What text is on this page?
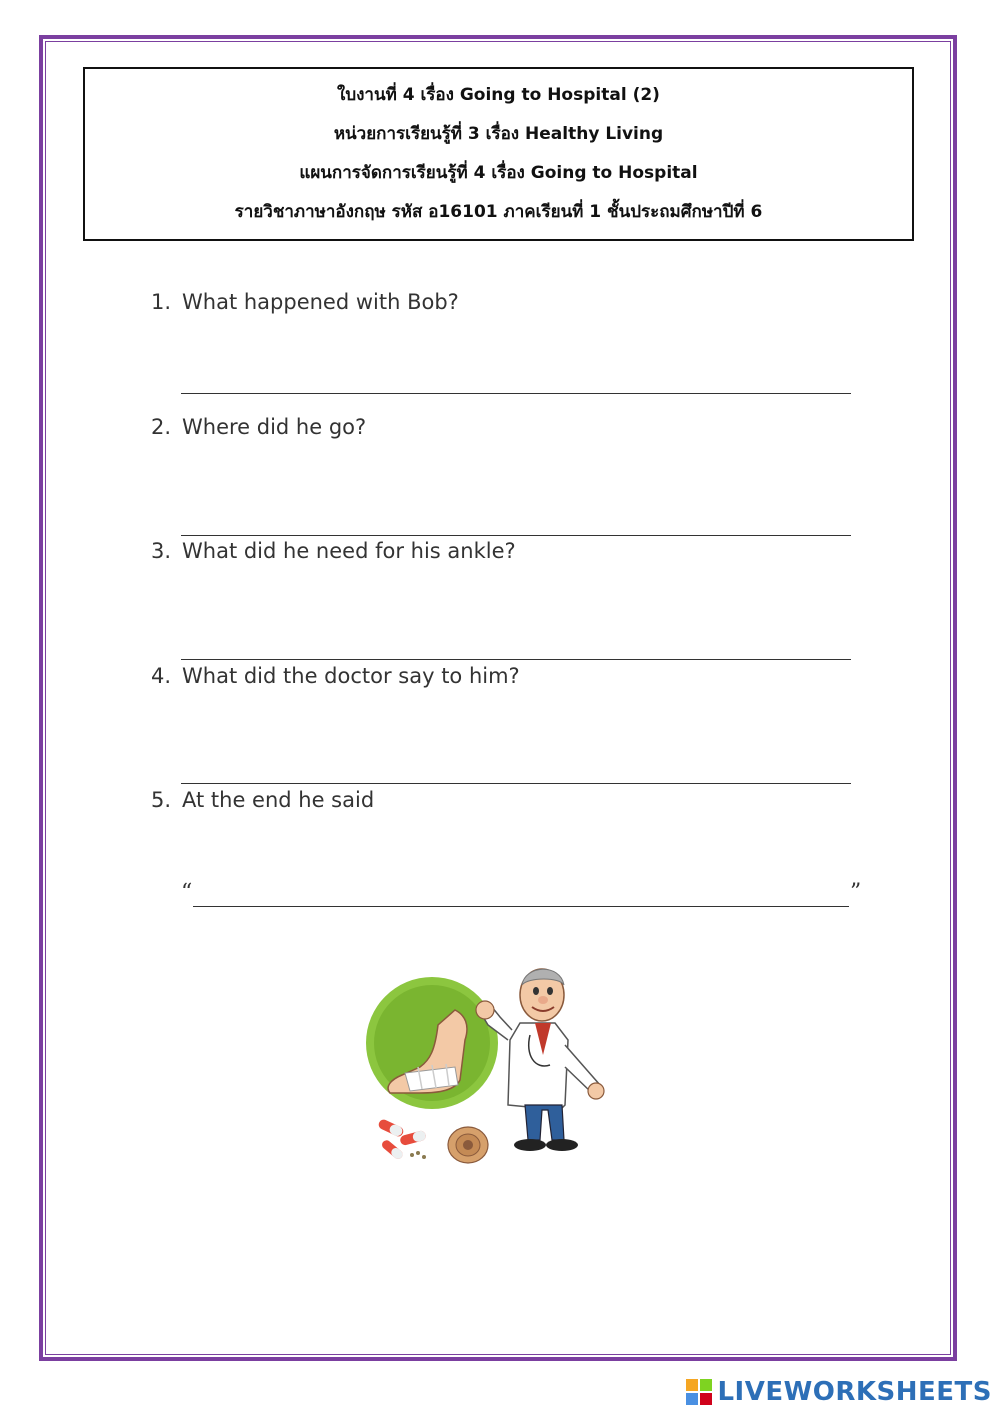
ใบงานที่ 4 เรื่อง Going to Hospital (2)
หน่วยการเรียนรู้ที่ 3 เรื่อง Healthy Living
แผนการจัดการเรียนรู้ที่ 4 เรื่อง Going to Hospital
รายวิชาภาษาอังกฤษ รหัส อ16101 ภาคเรียนที่ 1 ชั้นประถมศึกษาปีที่ 6
1. What happened with Bob?
2. Where did he go?
3. What did he need for his ankle?
4. What did the doctor say to him?
5. At the end he said
“	”
LIVEWORKSHEETS
